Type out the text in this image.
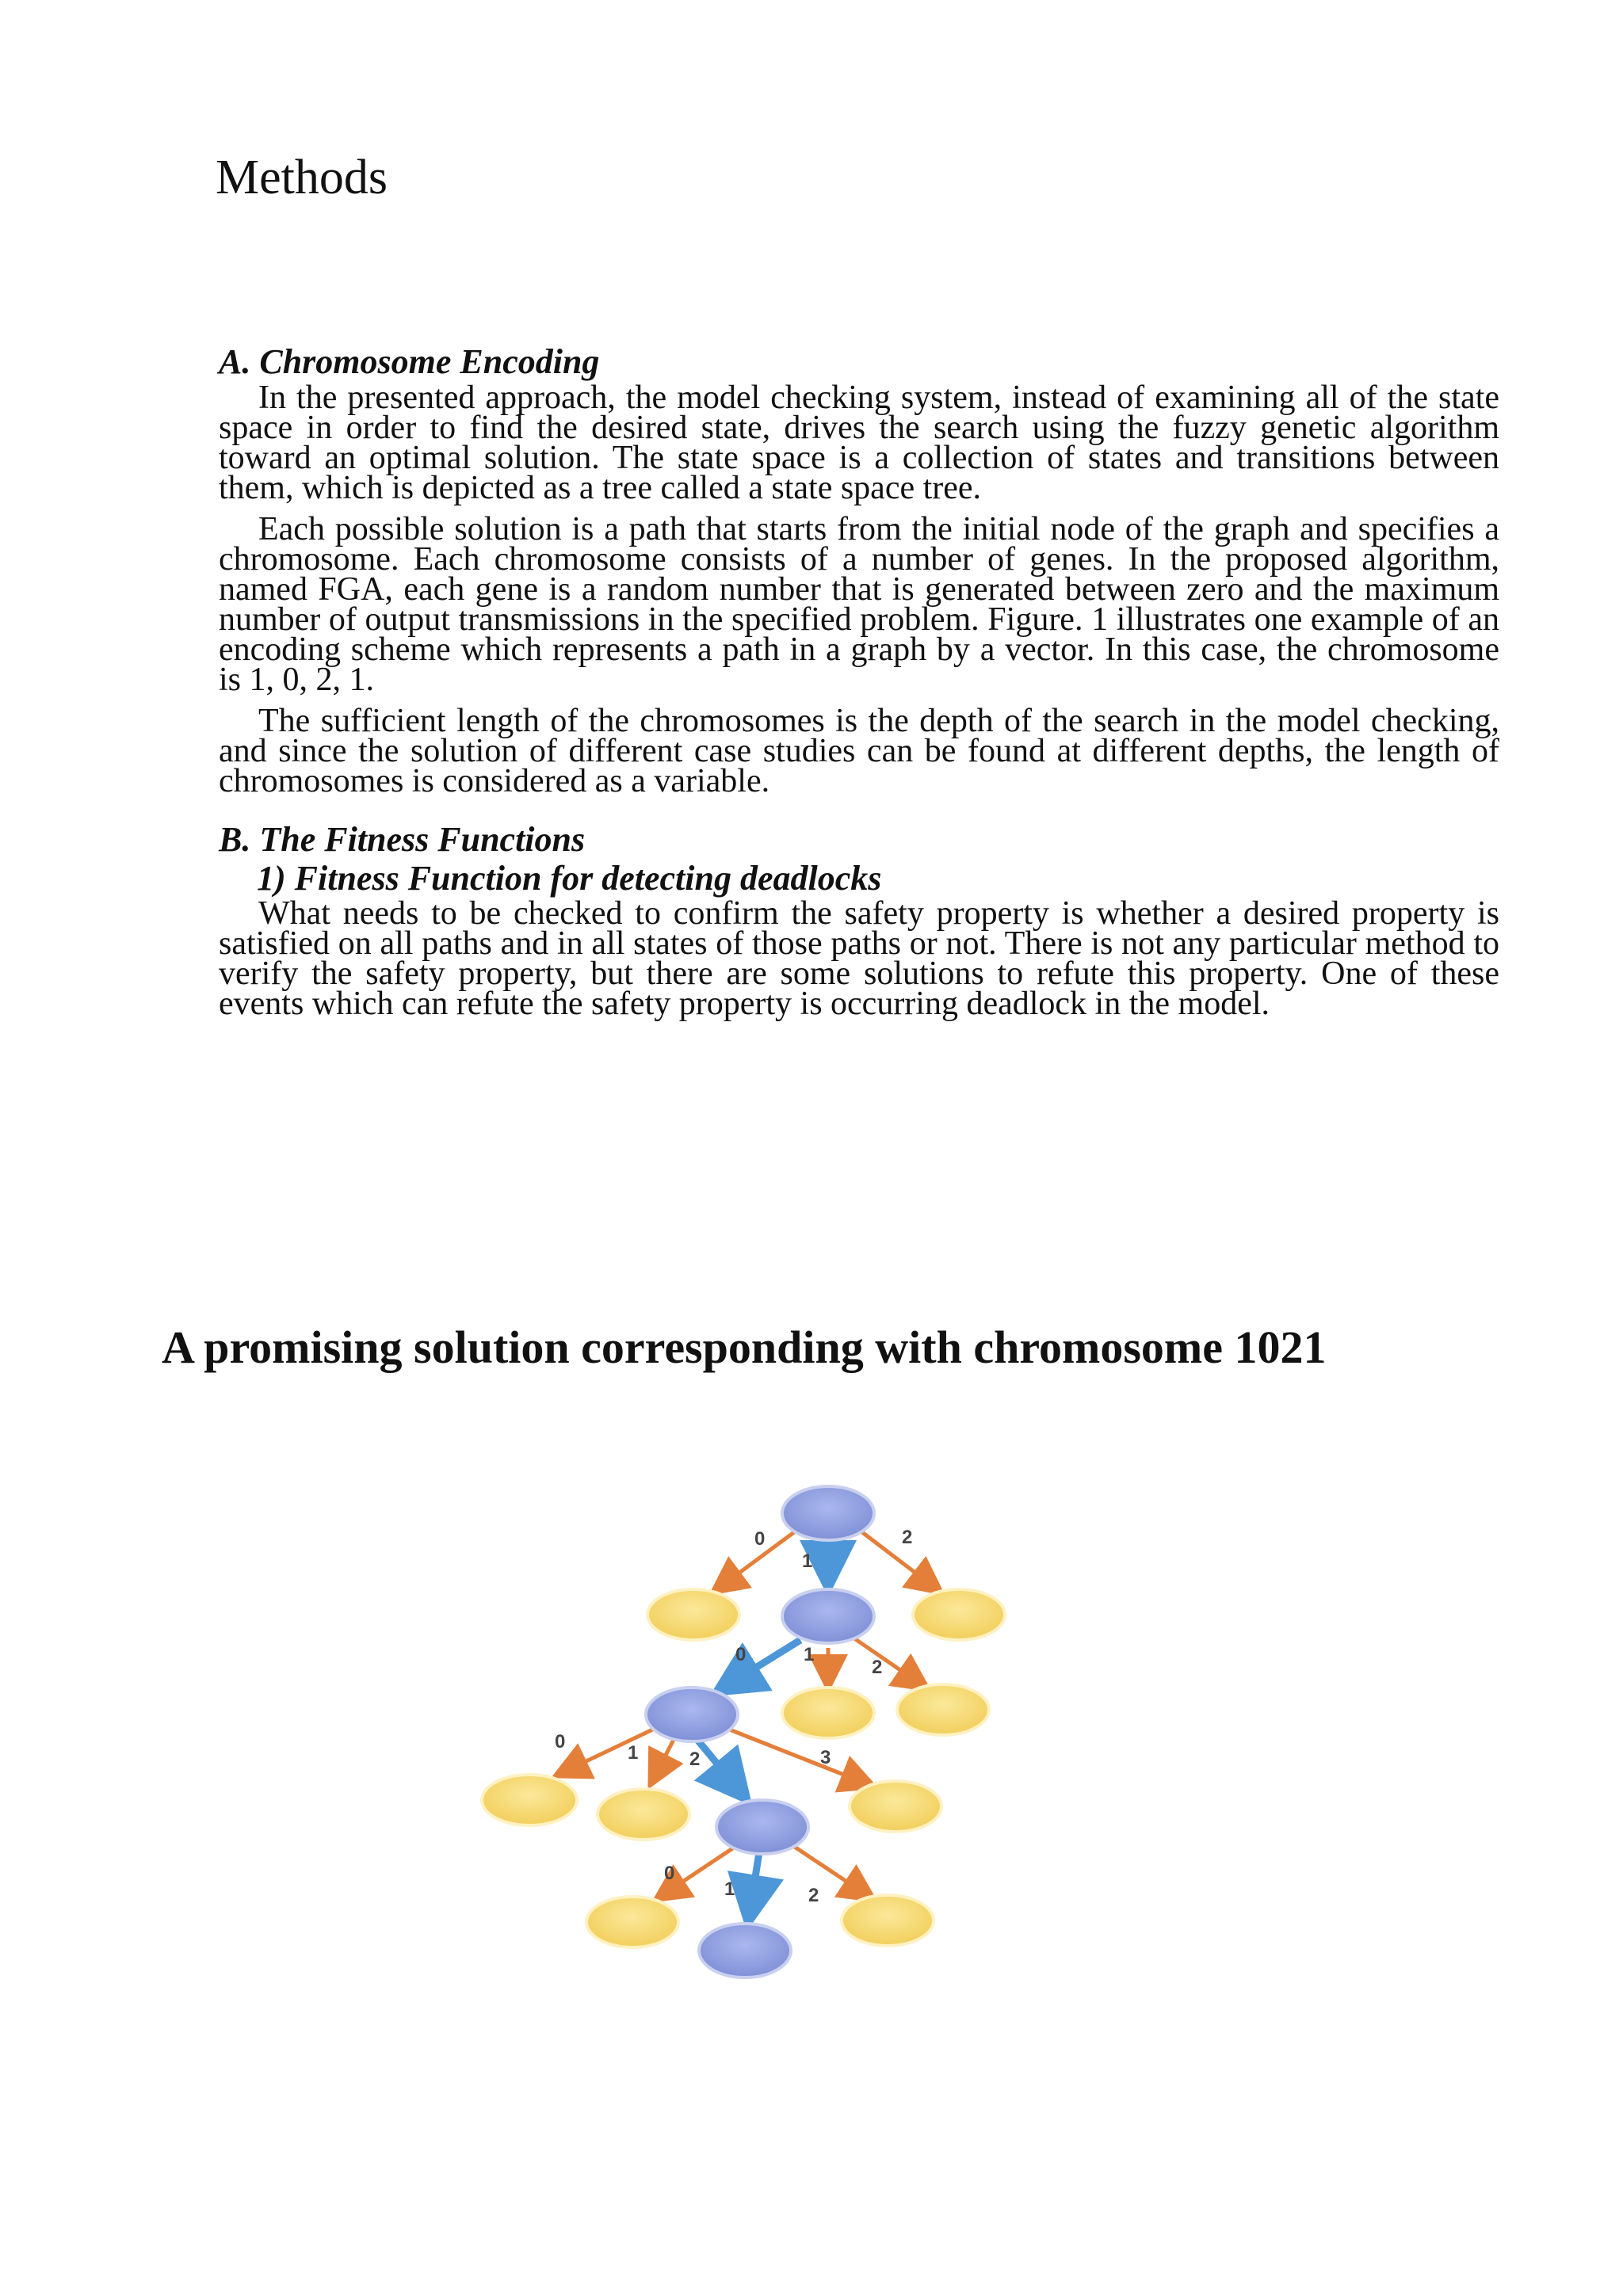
Methods
A. Chromosome Encoding

In the presented approach, the model checking system, instead of examining all of the state space in order to find the desired state, drives the search using the fuzzy genetic algorithm toward an optimal solution. The state space is a collection of states and transitions between them, which is depicted as a tree called a state space tree.

Each possible solution is a path that starts from the initial node of the graph and specifies a chromosome. Each chromosome consists of a number of genes. In the proposed algorithm, named FGA, each gene is a random number that is generated between zero and the maximum number of output transmissions in the specified problem. Figure. 1 illustrates one example of an encoding scheme which represents a path in a graph by a vector. In this case, the chromosome is 1, 0, 2, 1.

The sufficient length of the chromosomes is the depth of the search in the model checking, and since the solution of different case studies can be found at different depths, the length of chromosomes is considered as a variable.

B. The Fitness Functions
1) Fitness Function for detecting deadlocks

What needs to be checked to confirm the safety property is whether a desired property is satisfied on all paths and in all states of those paths or not. There is not any particular method to verify the safety property, but there are some solutions to refute this property. One of these events which can refute the safety property is occurring deadlock in the model.

A promising solution corresponding with chromosome 1021
0
1
2
0	1
2
0
1	2	3
0
1	2
